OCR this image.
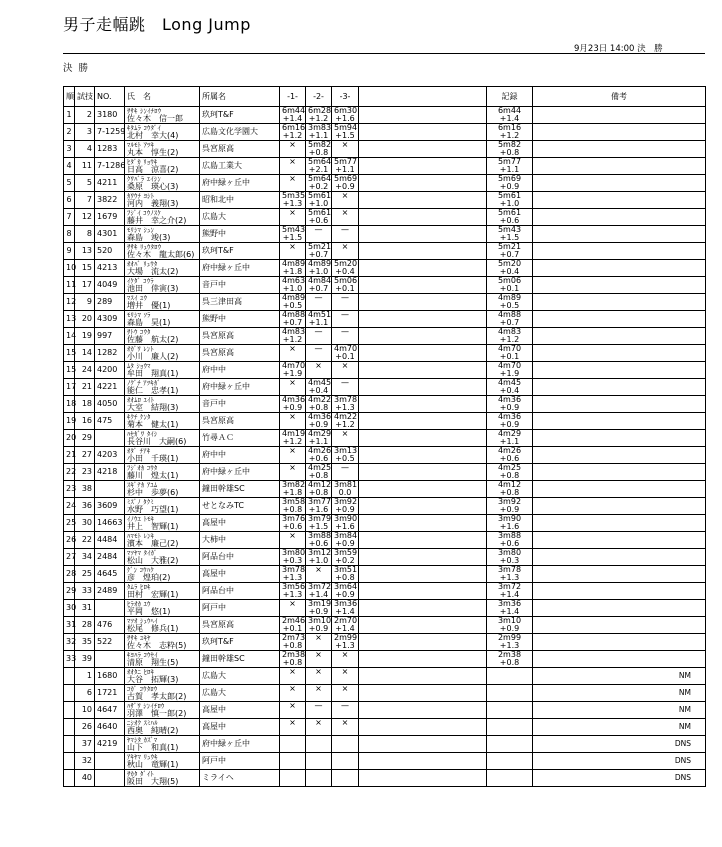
男子走幅跳　Long Jump
9月23日 14:00 決　勝
決勝
順	試技	NO.	氏　名	所属名	-1-	-2-	-3-		記録	備考
1	2	3180	ｻｻｷ ｼﾝｲﾁﾛｳ	玖珂T&F	6m44	6m28	6m30		6m44	
			佐々木　信一郎		+1.4	+1.2	+1.6		+1.4	
2	3	7-1259	ｷﾀﾑﾗ ｺｳﾀﾞｲ	広島文化学園大	6m16	3m83	5m94		6m16	
			北村　幸大(4)		+1.2	+1.1	+1.5		+1.2	
3	4	1283	ﾏﾙﾓﾄ ｱﾂｷ	呉宮原高	×	5m82	×		5m82	
			丸本　惇生(2)			+0.8			+0.8	
4	11	7-1286	ﾋﾀﾞｶ ﾘｮｳｷ	広島工業大	×	5m64	5m77		5m77	
			日高　涼喜(2)			+2.1	+1.1		+1.1	
5	5	4211	ｸﾜﾊﾞﾗ ｴｲｼﾝ	府中緑ヶ丘中	×	5m64	5m69		5m69	
			桑原　瑛心(3)			+0.2	+0.9		+0.9	
6	7	3822	ｶﾜｳﾁ ﾖｼﾄ	昭和北中	5m35	5m61	×		5m61	
			河内　義翔(3)		+1.3	+1.0			+1.0	
7	12	1679	ﾌｼﾞｲ ｺｳﾉｽｹ	広島大	×	5m61	×		5m61	
			藤井　幸之介(2)			+0.6			+0.6	
8	8	4301	ﾓﾘｼﾏ ｼｭﾝ	熊野中	5m43	—	—		5m43	
			森島　竣(3)		+1.5				+1.5	
9	13	520	ｻｻｷ ﾘｭｳﾀﾛｳ	玖珂T&F	×	5m21	×		5m21	
			佐々木　龍太郎(6)			+0.7			+0.7	
10	15	4213	ｵｵﾊﾞ ﾘｭｳﾀ	府中緑ヶ丘中	4m89	4m89	5m20		5m20	
			大場　流太(2)		+1.8	+1.0	+0.4		+0.4	
11	17	4049	ｲｹﾀﾞ ｺｳﾗ	音戸中	4m63	4m84	5m06		5m06	
			池田　倖寅(3)		+1.0	+0.7	+0.1		+0.1	
12	9	289	ﾏｽｲ ﾕｳ	呉三津田高	4m89	—	—		4m89	
			増井　優(1)		+0.5				+0.5	
13	20	4309	ﾓﾘｼﾏ ｿﾗ	熊野中	4m88	4m51	—		4m88	
			森島　昊(1)		+0.7	+1.1			+0.7	
14	19	997	ｻﾄｳ ｺｳﾀ	呉宮原高	4m83	—	—		4m83	
			佐藤　航太(2)		+1.2				+1.2	
15	14	1282	ｵｶﾞﾜ ﾚﾝﾄ	呉宮原高	×	—	4m70		4m70	
			小川　廉人(2)				+0.1		+0.1	
15	24	4200	ﾑﾀ ｼｮｳﾏ	府中中	4m70	×	×		4m70	
			牟田　翔真(1)		+1.9				+1.9	
17	21	4221	ﾉｸﾞﾁ ｱﾂｷｶﾞ	府中緑ヶ丘中	×	4m45	—		4m45	
			能仁　忠孝(1)			+0.4			+0.4	
18	18	4050	ｵｵﾑﾛ ﾕｲﾄ	音戸中	4m36	4m22	3m78		4m36	
			大室　結翔(3)		+0.9	+0.8	+1.3		+0.9	
19	16	475	ｷｸﾁ ｹﾝﾀ	呉宮原高	×	4m36	4m22		4m36	
			菊本　健太(1)			+0.9	+1.2		+0.9	
20	29		ﾊｾｶﾞﾜ ﾀｲｼ	竹尋ＡＣ	4m19	4m29	×		4m29	
			長谷川　大嗣(6)		+1.2	+1.1			+1.1	
21	27	4203	ｵﾀﾞ ﾁｱｷ	府中中	×	4m26	3m13		4m26	
			小田　千瑛(1)			+0.6	+0.5		+0.6	
22	23	4218	ﾌｼﾞｵｶ ｺｳﾀ	府中緑ヶ丘中	×	4m25	—		4m25	
			藤川　煌太(1)			+0.8			+0.8	
23	38		ｽｷﾞﾅｶ ｱﾕﾑ	鐘田幹雄SC	3m82	4m12	3m81		4m12	
			杉中　歩夢(6)		+1.8	+0.8	0.0		+0.8	
24	36	3609	ﾐｽﾞﾉ ﾀｸﾐ	せとなみTC	3m58	3m77	3m92		3m92	
			水野　巧望(1)		+0.8	+1.6	+0.9		+0.9	
25	30	14663	ｲﾉｳｴ ﾄﾓｷ	高屋中	3m76	3m79	3m90		3m90	
			井上　智輝(1)		+0.6	+1.5	+1.6		+1.6	
26	22	4484	ﾊﾏﾓﾄ ﾚﾝｷ	大柿中	×	3m88	3m84		3m88	
			濱本　廉己(2)			+0.6	+0.9		+0.6	
27	34	2484	ﾏﾂﾔﾏ ﾀｲｶﾞ	阿品台中	3m80	3m12	3m59		3m80	
			松山　大雅(2)		+0.3	+1.0	+0.2		+0.3	
28	25	4645	ｹﾞﾝ ｺｳﾊｸ	高屋中	3m78	×	3m51		3m78	
			彦　煌珀(2)		+1.3		+0.8		+1.3	
29	33	2489	ﾀﾑﾗ ﾋﾛｷ	阿品台中	3m56	3m72	3m64		3m72	
			田村　宏輝(1)		+1.3	+1.4	+0.9		+1.4	
30	31		ﾋﾗｵｶ ﾕｳ	阿戸中	×	3m19	3m36		3m36	
			平岡　悠(1)			+0.9	+1.4		+1.4	
31	28	476	ﾏﾂｵ ｼｭｳﾍｲ	呉宮原高	2m46	3m10	2m70		3m10	
			松尾　修兵(1)		+0.1	+0.9	+1.4		+0.9	
32	35	522	ｻｻｷ ﾕｷﾔ	玖珂T&F	2m73	×	2m99		2m99	
			佐々木　志粋(5)		+0.8		+1.3		+1.3	
33	39		ｷﾖﾊﾗ ｺｳｾｲ	鐘田幹雄SC	2m38	×	×		2m38	
			清原　翔生(5)		+0.8				+0.8	
	1	1680	ｵｵﾀﾆ ﾋﾛｷ	広島大	×	×	×			NM
			大谷　拓輝(3)							
	6	1721	ｺｶﾞ ｺｳﾀﾛｳ	広島大	×	×	×			NM
			古賀　孝太郎(2)							
	10	4647	ﾊｻﾞﾜ ｼﾝｲﾁﾛｳ	高屋中	×	—	—			NM
			羽澤　慎一郎(2)							
	26	4640	ﾆｼｵｸ ｽﾐﾊﾙ	高屋中	×	×	×			NM
			西奥　純晴(2)							
	37	4219	ﾔﾏｼﾀ ｶｽﾞﾏ	府中緑ヶ丘中						DNS
			山下　和真(1)							
	32		ｱｷﾔﾏ ﾘｭｳｷ	阿戸中						DNS
			秋山　竜輝(1)							
	40		ｻｶﾀ ﾀﾞｲﾄ	ミライヘ						DNS
			阪田　大翔(5)							
